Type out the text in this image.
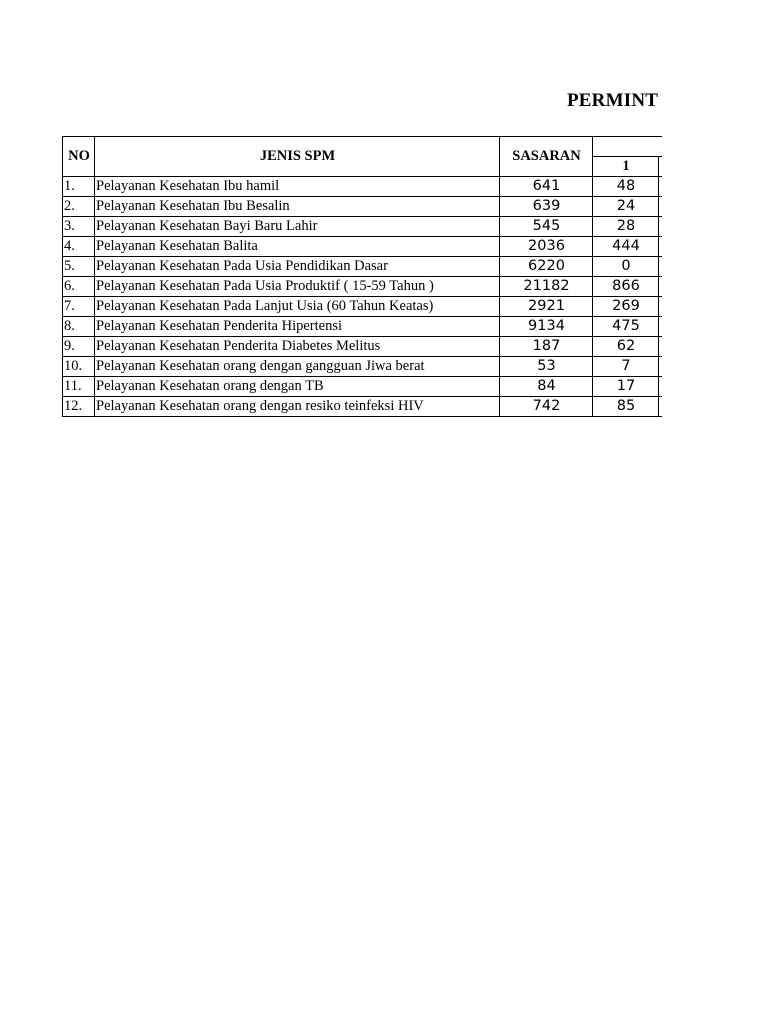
PERMINT
NO	JENIS SPM	SASARAN		
			1	
1.	Pelayanan Kesehatan Ibu hamil	641	48	
2.	Pelayanan Kesehatan Ibu Besalin	639	24	
3.	Pelayanan Kesehatan Bayi Baru Lahir	545	28	
4.	Pelayanan Kesehatan Balita	2036	444	
5.	Pelayanan Kesehatan Pada Usia Pendidikan Dasar	6220	0	
6.	Pelayanan Kesehatan Pada Usia Produktif ( 15-59 Tahun )	21182	866	
7.	Pelayanan Kesehatan Pada Lanjut Usia (60 Tahun Keatas)	2921	269	
8.	Pelayanan Kesehatan Penderita Hipertensi	9134	475	
9.	Pelayanan Kesehatan Penderita Diabetes Melitus	187	62	
10.	Pelayanan Kesehatan orang dengan gangguan Jiwa berat	53	7	
11.	Pelayanan Kesehatan orang dengan TB	84	17	
12.	Pelayanan Kesehatan orang dengan resiko teinfeksi HIV	742	85	
